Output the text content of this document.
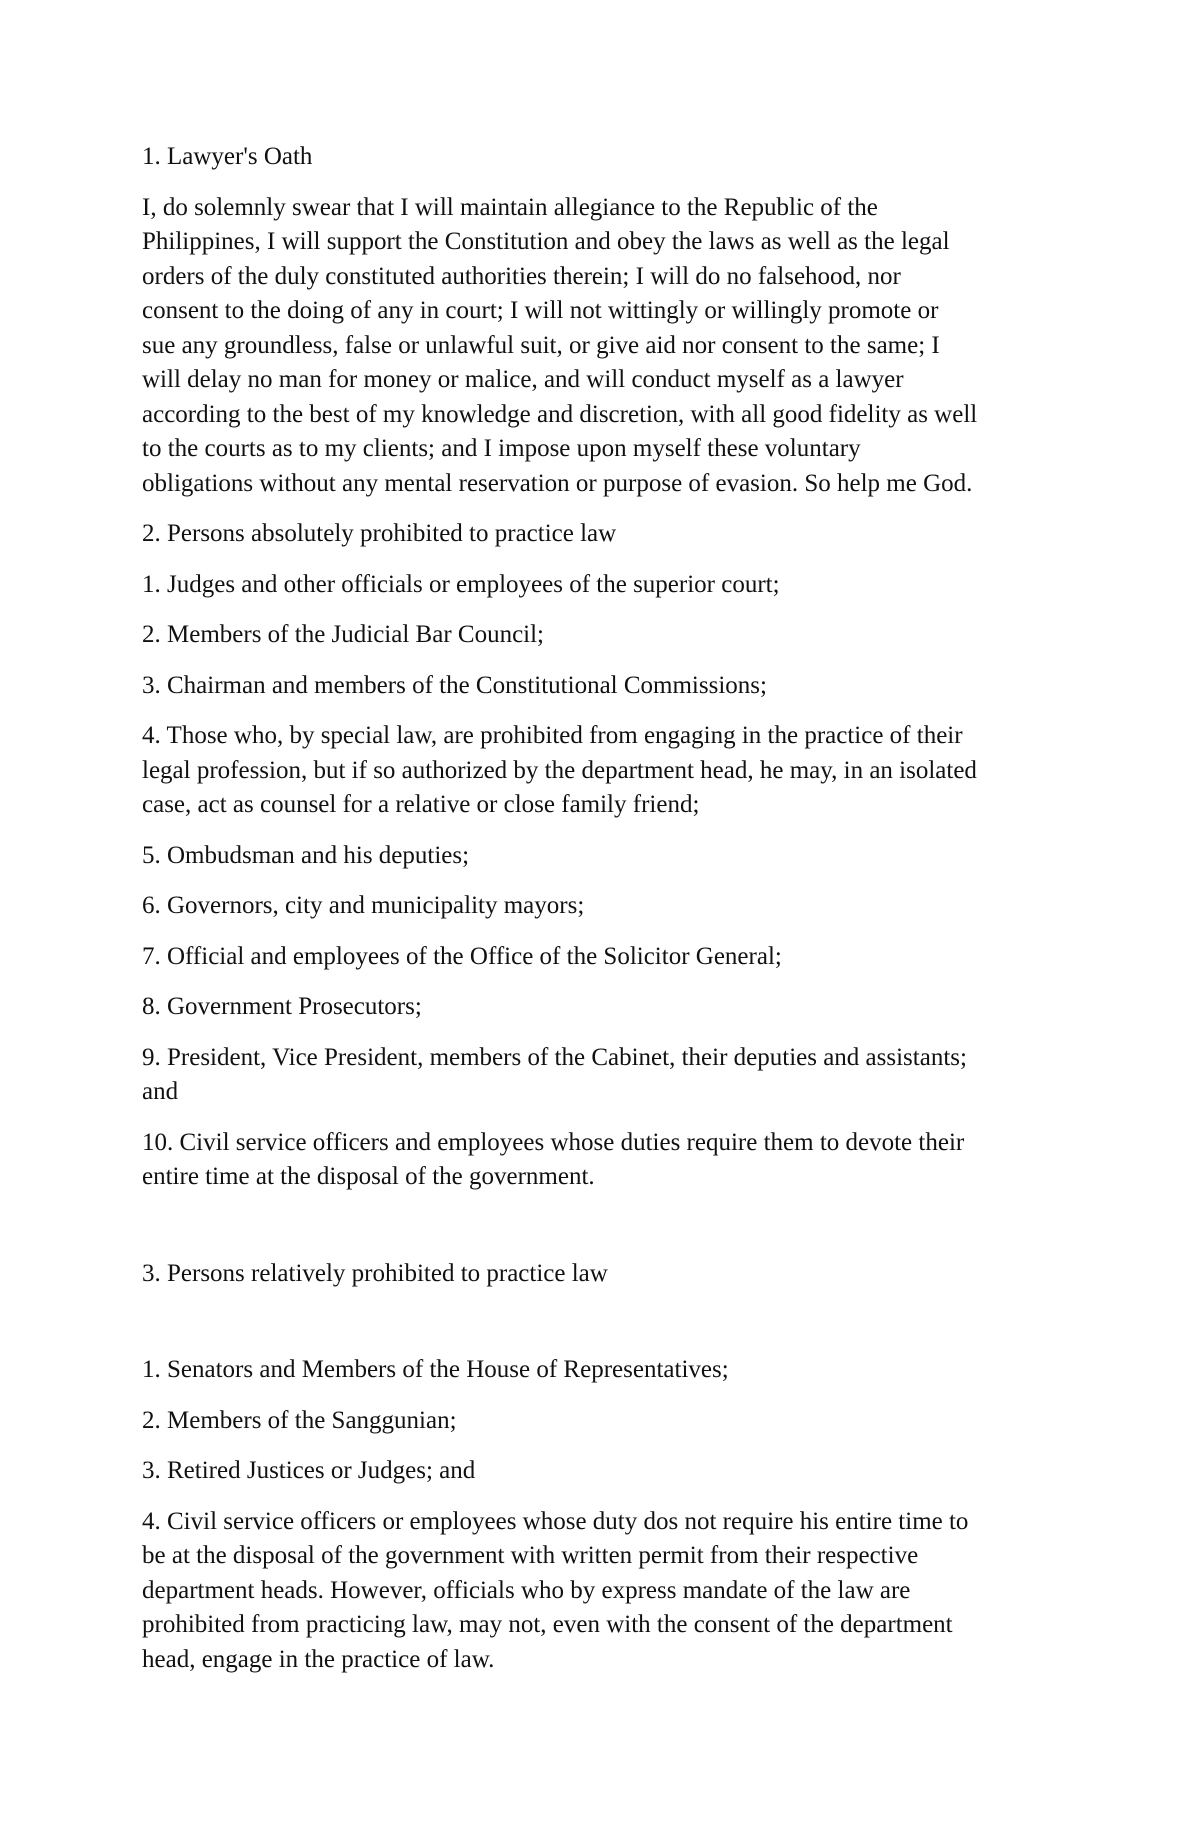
1. Lawyer's Oath

I, do solemnly swear that I will maintain allegiance to the Republic of the
Philippines, I will support the Constitution and obey the laws as well as the legal
orders of the duly constituted authorities therein; I will do no falsehood, nor
consent to the doing of any in court; I will not wittingly or willingly promote or
sue any groundless, false or unlawful suit, or give aid nor consent to the same; I
will delay no man for money or malice, and will conduct myself as a lawyer
according to the best of my knowledge and discretion, with all good fidelity as well
to the courts as to my clients; and I impose upon myself these voluntary
obligations without any mental reservation or purpose of evasion. So help me God.

2. Persons absolutely prohibited to practice law

1. Judges and other officials or employees of the superior court;

2. Members of the Judicial Bar Council;

3. Chairman and members of the Constitutional Commissions;

4. Those who, by special law, are prohibited from engaging in the practice of their
legal profession, but if so authorized by the department head, he may, in an isolated
case, act as counsel for a relative or close family friend;

5. Ombudsman and his deputies;

6. Governors, city and municipality mayors;

7. Official and employees of the Office of the Solicitor General;

8. Government Prosecutors;

9. President, Vice President, members of the Cabinet, their deputies and assistants;
and

10. Civil service officers and employees whose duties require them to devote their
entire time at the disposal of the government.

3. Persons relatively prohibited to practice law

1. Senators and Members of the House of Representatives;

2. Members of the Sanggunian;

3. Retired Justices or Judges; and

4. Civil service officers or employees whose duty dos not require his entire time to
be at the disposal of the government with written permit from their respective
department heads. However, officials who by express mandate of the law are
prohibited from practicing law, may not, even with the consent of the department
head, engage in the practice of law.
